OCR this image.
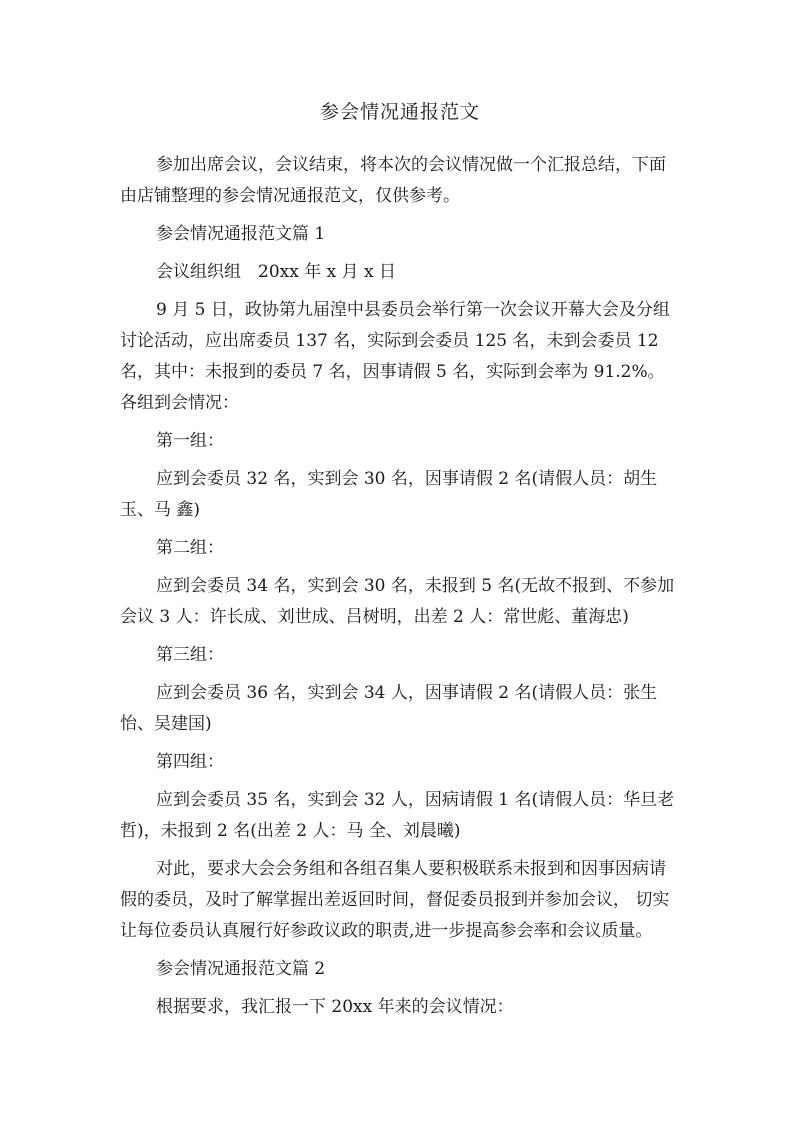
参会情况通报范文

参加出席会议，会议结束，将本次的会议情况做一个汇报总结，下面由店铺整理的参会情况通报范文，仅供参考。

参会情况通报范文篇 1

会议组织组　20xx 年 x 月 x 日

9 月 5 日，政协第九届湟中县委员会举行第一次会议开幕大会及分组讨论活动，应出席委员 137 名，实际到会委员 125 名，未到会委员 12 名，其中：未报到的委员 7 名，因事请假 5 名，实际到会率为 91.2%。 各组到会情况：

第一组：

应到会委员 32 名，实到会 30 名，因事请假 2 名(请假人员：胡生玉、马 鑫)

第二组：

应到会委员 34 名，实到会 30 名，未报到 5 名(无故不报到、不参加会议 3 人：许长成、刘世成、吕树明，出差 2 人：常世彪、董海忠)

第三组：

应到会委员 36 名，实到会 34 人，因事请假 2 名(请假人员：张生怡、吴建国)

第四组：

应到会委员 35 名，实到会 32 人，因病请假 1 名(请假人员：华旦老哲)，未报到 2 名(出差 2 人：马 全、刘晨曦)

对此，要求大会会务组和各组召集人要积极联系未报到和因事因病请假的委员，及时了解掌握出差返回时间，督促委员报到并参加会议， 切实让每位委员认真履行好参政议政的职责,进一步提高参会率和会议质量。

参会情况通报范文篇 2

根据要求，我汇报一下 20xx 年来的会议情况：
